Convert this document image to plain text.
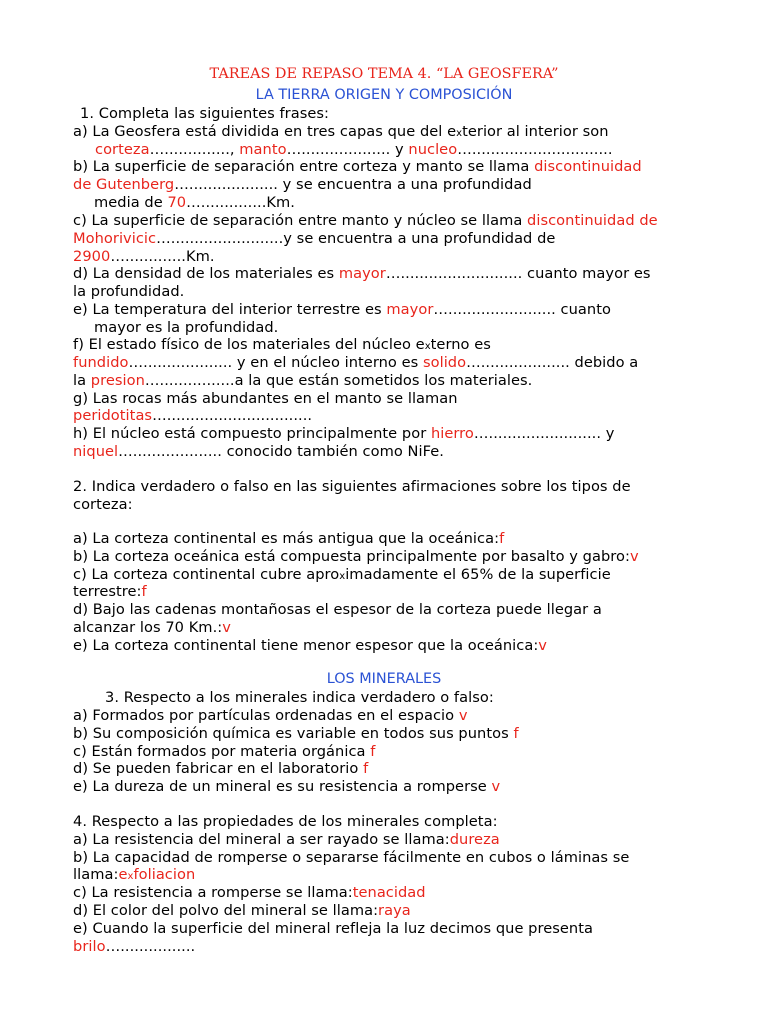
TAREAS DE REPASO TEMA 4. “LA GEOSFERA”
LA TIERRA ORIGEN Y COMPOSICIÓN
1. Completa las siguientes frases:
a) La Geosfera está dividida en tres capas que del exterior al interior son
corteza….............., manto…................... y nucleo…..............................
b) La superficie de separación entre corteza y manto se llama discontinuidad
de Gutenberg…................... y se encuentra a una profundidad
media de 70…..............Km.
c) La superficie de separación entre manto y núcleo se llama discontinuidad de
Mohorivicic…........................y se encuentra a una profundidad de
2900….............Km.
d) La densidad de los materiales es mayor….......................... cuanto mayor es
la profundidad.
e) La temperatura del interior terrestre es mayor…....................... cuanto
mayor es la profundidad.
f) El estado físico de los materiales del núcleo externo es
fundido…................... y en el núcleo interno es solido…................... debido a
la presion…................a la que están sometidos los materiales.
g) Las rocas más abundantes en el manto se llaman
peridotitas…...............................
h) El núcleo está compuesto principalmente por hierro…........................ y
niquel…................... conocido también como NiFe.
2. Indica verdadero o falso en las siguientes afirmaciones sobre los tipos de
corteza:
a) La corteza continental es más antigua que la oceánica:f
b) La corteza oceánica está compuesta principalmente por basalto y gabro:v
c) La corteza continental cubre aproximadamente el 65% de la superficie
terrestre:f
d) Bajo las cadenas montañosas el espesor de la corteza puede llegar a
alcanzar los 70 Km.:v
e) La corteza continental tiene menor espesor que la oceánica:v
LOS MINERALES
3. Respecto a los minerales indica verdadero o falso:
a) Formados por partículas ordenadas en el espacio v
b) Su composición química es variable en todos sus puntos f
c) Están formados por materia orgánica f
d) Se pueden fabricar en el laboratorio f
e) La dureza de un mineral es su resistencia a romperse v
4. Respecto a las propiedades de los minerales completa:
a) La resistencia del mineral a ser rayado se llama:dureza
b) La capacidad de romperse o separarse fácilmente en cubos o láminas se
llama:exfoliacion
c) La resistencia a romperse se llama:tenacidad
d) El color del polvo del mineral se llama:raya
e) Cuando la superficie del mineral refleja la luz decimos que presenta
brilo…................
